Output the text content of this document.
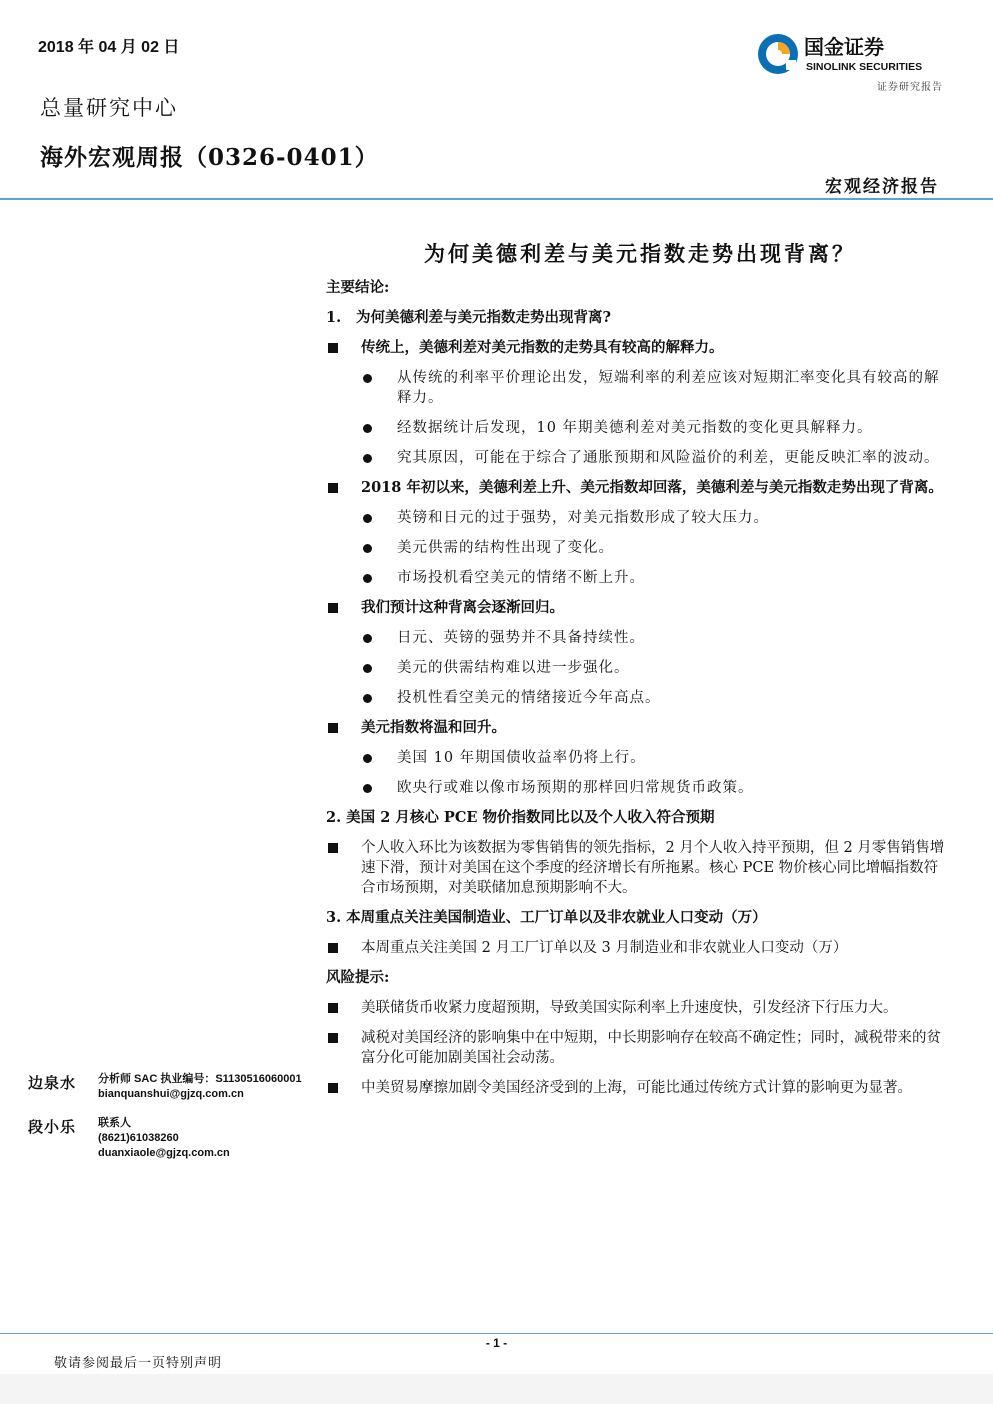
2018 年 04 月 02 日
总量研究中心
海外宏观周报（0326-0401）
国金证券
SINOLINK SECURITIES
证券研究报告
宏观经济报告
为何美德利差与美元指数走势出现背离？
主要结论:
1. 为何美德利差与美元指数走势出现背离?
传统上，美德利差对美元指数的走势具有较高的解释力。
从传统的利率平价理论出发，短端利率的利差应该对短期汇率变化具有较高的解释力。
经数据统计后发现，10 年期美德利差对美元指数的变化更具解释力。
究其原因，可能在于综合了通胀预期和风险溢价的利差，更能反映汇率的波动。
2018 年初以来，美德利差上升、美元指数却回落，美德利差与美元指数走势出现了背离。
英镑和日元的过于强势，对美元指数形成了较大压力。
美元供需的结构性出现了变化。
市场投机看空美元的情绪不断上升。
我们预计这种背离会逐渐回归。
日元、英镑的强势并不具备持续性。
美元的供需结构难以进一步强化。
投机性看空美元的情绪接近今年高点。
美元指数将温和回升。
美国 10 年期国债收益率仍将上行。
欧央行或难以像市场预期的那样回归常规货币政策。
2. 美国 2 月核心 PCE 物价指数同比以及个人收入符合预期
个人收入环比为该数据为零售销售的领先指标，2 月个人收入持平预期，但 2 月零售销售增速下滑，预计对美国在这个季度的经济增长有所拖累。核心 PCE 物价核心同比增幅指数符合市场预期，对美联储加息预期影响不大。
3. 本周重点关注美国制造业、工厂订单以及非农就业人口变动（万）
本周重点关注美国 2 月工厂订单以及 3 月制造业和非农就业人口变动（万）
风险提示:
美联储货币收紧力度超预期，导致美国实际利率上升速度快，引发经济下行压力大。
减税对美国经济的影响集中在中短期，中长期影响存在较高不确定性；同时，减税带来的贫富分化可能加剧美国社会动荡。
中美贸易摩擦加剧令美国经济受到的上海，可能比通过传统方式计算的影响更为显著。
边泉水 分析师 SAC 执业编号：S1130516060001
bianquanshui@gjzq.com.cn
段小乐 联系人
(8621)61038260
duanxiaole@gjzq.com.cn
- 1 -
敬请参阅最后一页特别声明
